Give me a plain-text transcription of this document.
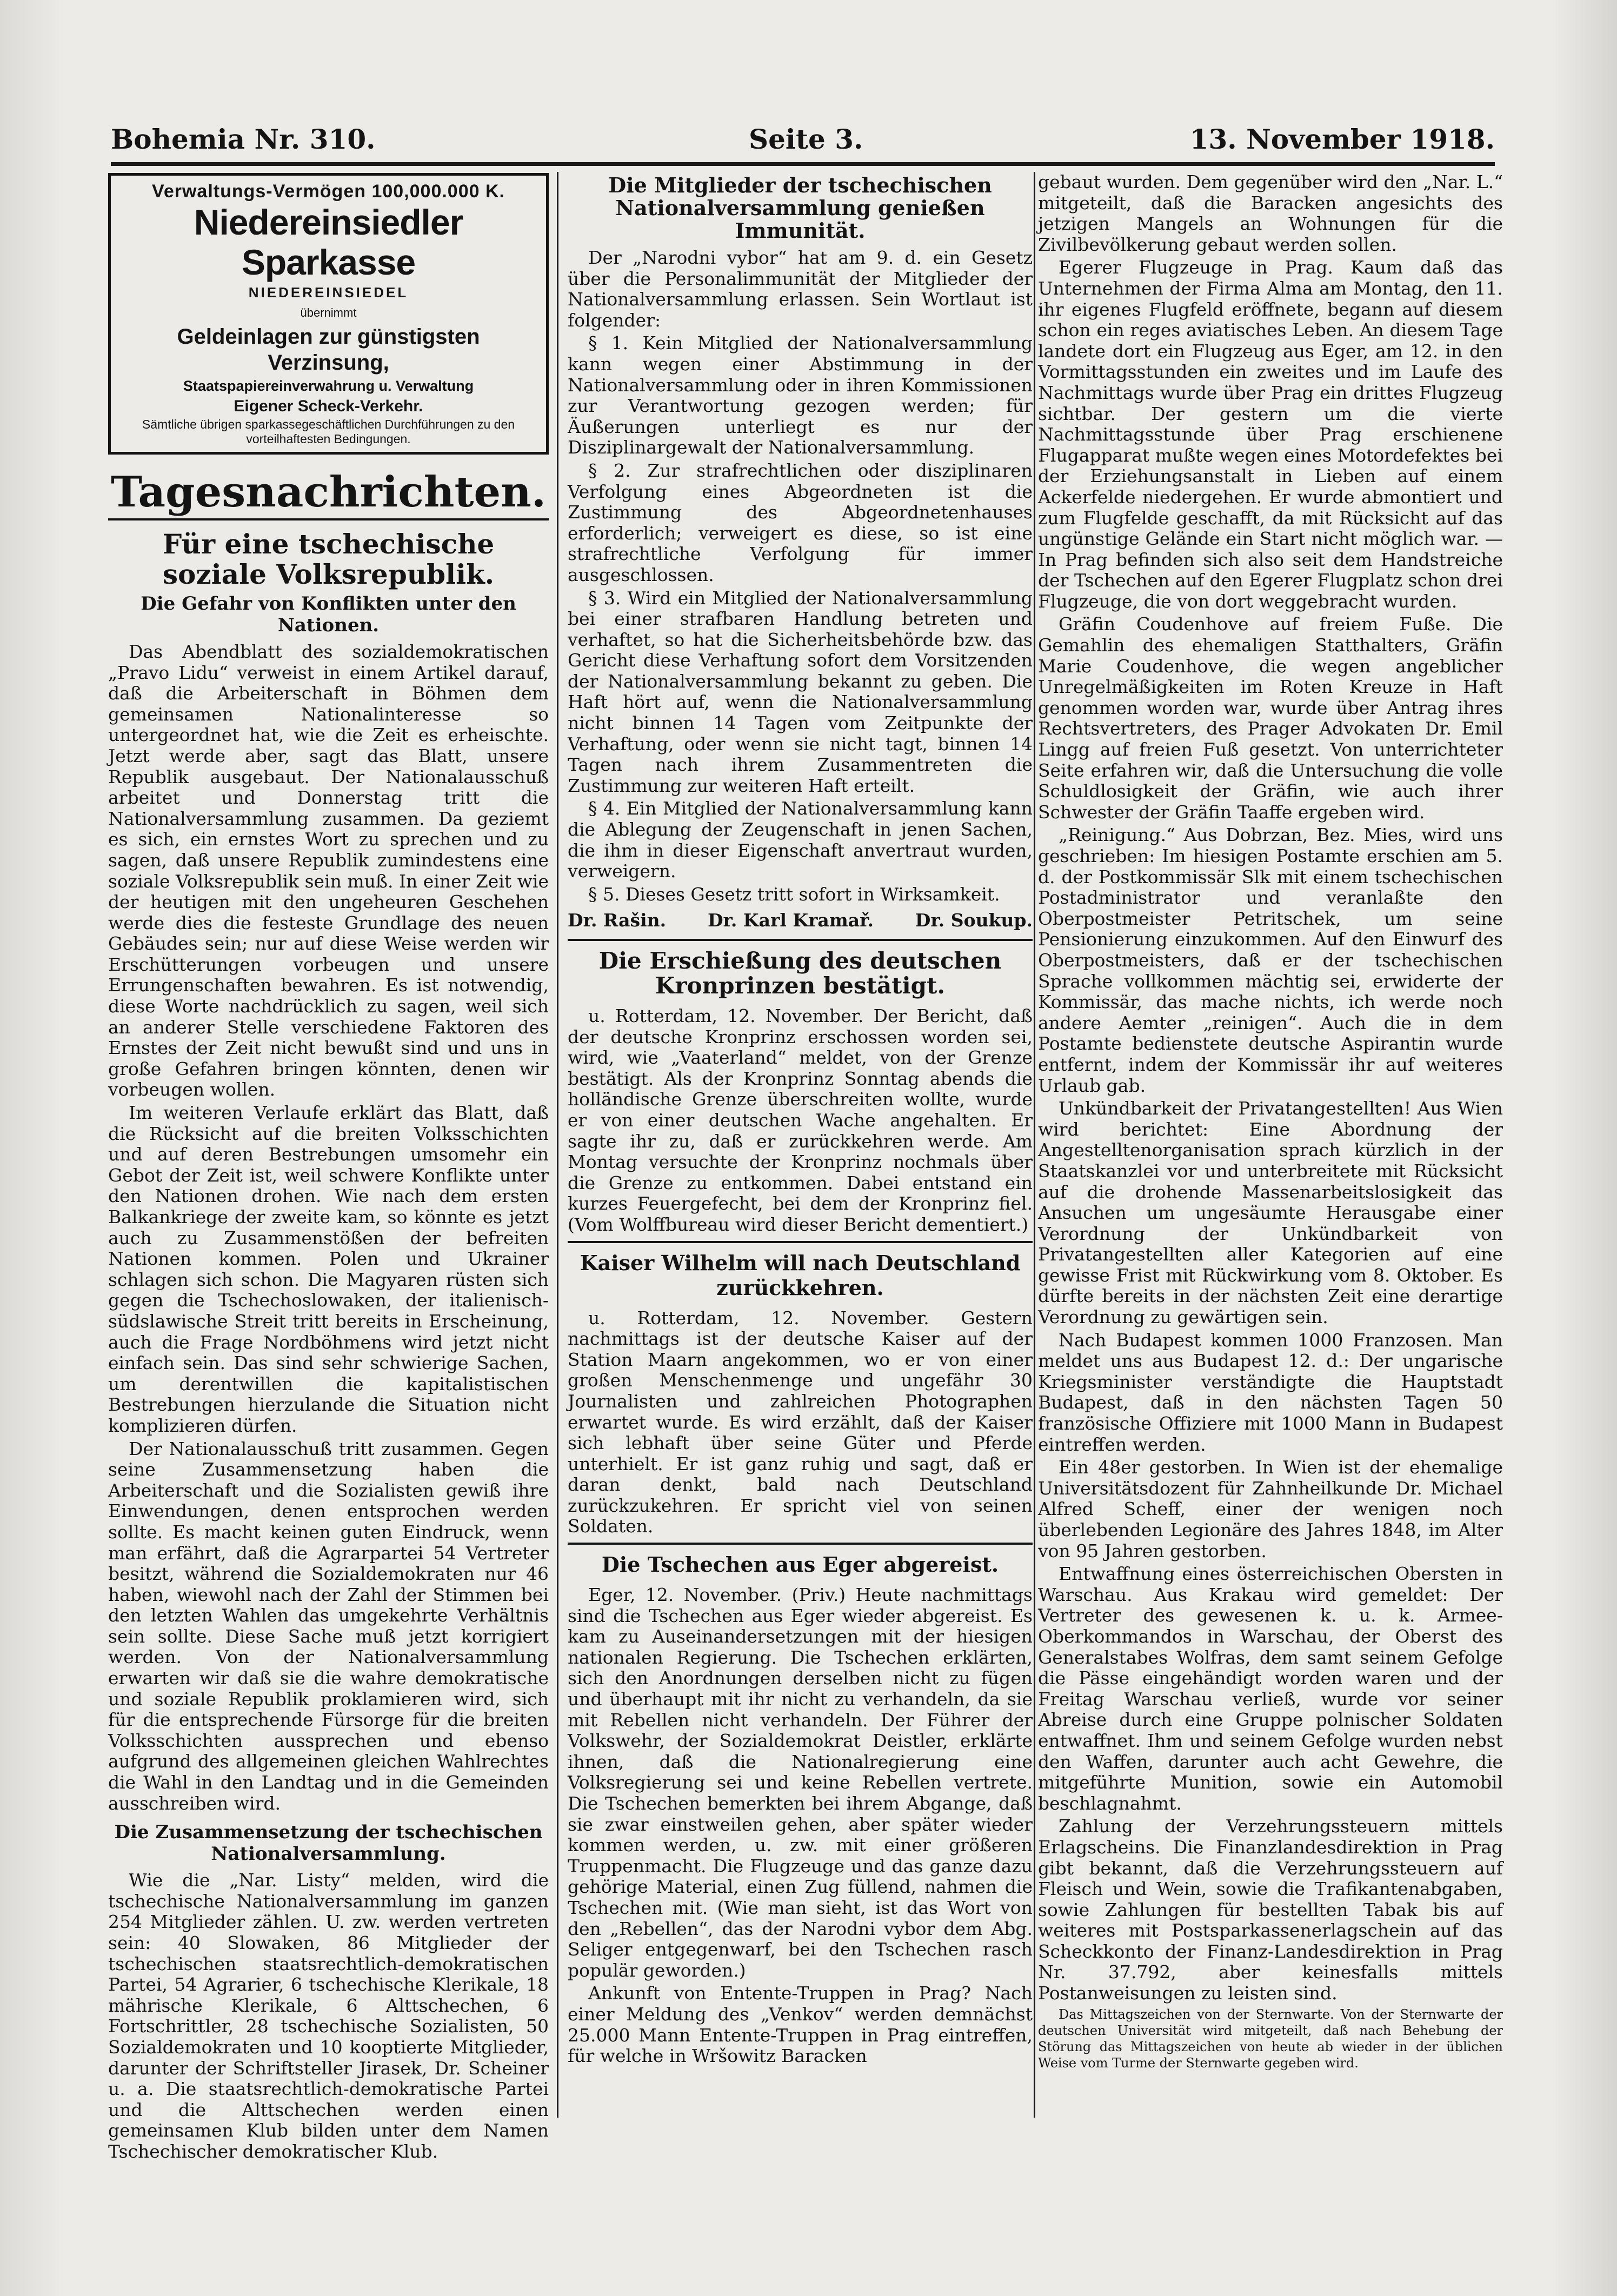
Bohemia Nr. 310.	Seite 3.	13. November 1918.
Verwaltungs-Vermögen 100,000.000 K.
Niedereinsiedler Sparkasse
NIEDEREINSIEDEL
übernimmt
Geldeinlagen zur günstigsten Verzinsung,
Staatspapiereinverwahrung u. Verwaltung
Eigener Scheck-Verkehr.
Sämtliche übrigen sparkassegeschäftlichen Durchführungen zu den vorteilhaftesten Bedingungen.
Tagesnachrichten.
Für eine tschechische soziale Volksrepublik.
Die Gefahr von Konflikten unter den Nationen.

Das Abendblatt des sozialdemokratischen „Pravo Lidu“ verweist in einem Artikel darauf, daß die Arbeiterschaft in Böhmen dem gemeinsamen Nationalinteresse so untergeordnet hat, wie die Zeit es erheischte. Jetzt werde aber, sagt das Blatt, unsere Republik ausgebaut. Der Nationalausschuß arbeitet und Donnerstag tritt die Nationalversammlung zusammen. Da geziemt es sich, ein ernstes Wort zu sprechen und zu sagen, daß unsere Republik zumindestens eine soziale Volksrepublik sein muß. In einer Zeit wie der heutigen mit den ungeheuren Geschehen werde dies die festeste Grundlage des neuen Gebäudes sein; nur auf diese Weise werden wir Erschütterungen vorbeugen und unsere Errungenschaften bewahren. Es ist notwendig, diese Worte nachdrücklich zu sagen, weil sich an anderer Stelle verschiedene Faktoren des Ernstes der Zeit nicht bewußt sind und uns in große Gefahren bringen könnten, denen wir vorbeugen wollen.

Im weiteren Verlaufe erklärt das Blatt, daß die Rücksicht auf die breiten Volksschichten und auf deren Bestrebungen umsomehr ein Gebot der Zeit ist, weil schwere Konflikte unter den Nationen drohen. Wie nach dem ersten Balkankriege der zweite kam, so könnte es jetzt auch zu Zusammenstößen der befreiten Nationen kommen. Polen und Ukrainer schlagen sich schon. Die Magyaren rüsten sich gegen die Tschechoslowaken, der italienisch-südslawische Streit tritt bereits in Erscheinung, auch die Frage Nordböhmens wird jetzt nicht einfach sein. Das sind sehr schwierige Sachen, um derentwillen die kapitalistischen Bestrebungen hierzulande die Situation nicht komplizieren dürfen.

Der Nationalausschuß tritt zusammen. Gegen seine Zusammensetzung haben die Arbeiterschaft und die Sozialisten gewiß ihre Einwendungen, denen entsprochen werden sollte. Es macht keinen guten Eindruck, wenn man erfährt, daß die Agrarpartei 54 Vertreter besitzt, während die Sozialdemokraten nur 46 haben, wiewohl nach der Zahl der Stimmen bei den letzten Wahlen das umgekehrte Verhältnis sein sollte. Diese Sache muß jetzt korrigiert werden. Von der Nationalversammlung erwarten wir daß sie die wahre demokratische und soziale Republik proklamieren wird, sich für die entsprechende Fürsorge für die breiten Volksschichten aussprechen und ebenso aufgrund des allgemeinen gleichen Wahlrechtes die Wahl in den Landtag und in die Gemeinden ausschreiben wird.

Die Zusammensetzung der tschechischen Nationalversammlung.

Wie die „Nar. Listy“ melden, wird die tschechische Nationalversammlung im ganzen 254 Mitglieder zählen. U. zw. werden vertreten sein: 40 Slowaken, 86 Mitglieder der tschechischen staatsrechtlich-demokratischen Partei, 54 Agrarier, 6 tschechische Klerikale, 18 mährische Klerikale, 6 Alttschechen, 6 Fortschrittler, 28 tschechische Sozialisten, 50 Sozialdemokraten und 10 kooptierte Mitglieder, darunter der Schriftsteller Jirasek, Dr. Scheiner u. a. Die staatsrechtlich-demokratische Partei und die Alttschechen werden einen gemeinsamen Klub bilden unter dem Namen Tschechischer demokratischer Klub.

Die Mitglieder der tschechischen Nationalversammlung genießen Immunität.

Der „Narodni vybor“ hat am 9. d. ein Gesetz über die Personalimmunität der Mitglieder der Nationalversammlung erlassen. Sein Wortlaut ist folgender:

§ 1. Kein Mitglied der Nationalversammlung kann wegen einer Abstimmung in der Nationalversammlung oder in ihren Kommissionen zur Verantwortung gezogen werden; für Äußerungen unterliegt es nur der Disziplinargewalt der Nationalversammlung.

§ 2. Zur strafrechtlichen oder disziplinaren Verfolgung eines Abgeordneten ist die Zustimmung des Abgeordnetenhauses erforderlich; verweigert es diese, so ist eine strafrechtliche Verfolgung für immer ausgeschlossen.

§ 3. Wird ein Mitglied der Nationalversammlung bei einer strafbaren Handlung betreten und verhaftet, so hat die Sicherheitsbehörde bzw. das Gericht diese Verhaftung sofort dem Vorsitzenden der Nationalversammlung bekannt zu geben. Die Haft hört auf, wenn die Nationalversammlung nicht binnen 14 Tagen vom Zeitpunkte der Verhaftung, oder wenn sie nicht tagt, binnen 14 Tagen nach ihrem Zusammentreten die Zustimmung zur weiteren Haft erteilt.

§ 4. Ein Mitglied der Nationalversammlung kann die Ablegung der Zeugenschaft in jenen Sachen, die ihm in dieser Eigenschaft anvertraut wurden, verweigern.

§ 5. Dieses Gesetz tritt sofort in Wirksamkeit.

Dr. Rašin. Dr. Karl Kramař. Dr. Soukup.
Die Erschießung des deutschen Kronprinzen bestätigt.

u. Rotterdam, 12. November. Der Bericht, daß der deutsche Kronprinz erschossen worden sei, wird, wie „Vaaterland“ meldet, von der Grenze bestätigt. Als der Kronprinz Sonntag abends die holländische Grenze überschreiten wollte, wurde er von einer deutschen Wache angehalten. Er sagte ihr zu, daß er zurückkehren werde. Am Montag versuchte der Kronprinz nochmals über die Grenze zu entkommen. Dabei entstand ein kurzes Feuergefecht, bei dem der Kronprinz fiel. (Vom Wolffbureau wird dieser Bericht dementiert.)

Kaiser Wilhelm will nach Deutschland zurückkehren.

u. Rotterdam, 12. November. Gestern nachmittags ist der deutsche Kaiser auf der Station Maarn angekommen, wo er von einer großen Menschenmenge und ungefähr 30 Journalisten und zahlreichen Photographen erwartet wurde. Es wird erzählt, daß der Kaiser sich lebhaft über seine Güter und Pferde unterhielt. Er ist ganz ruhig und sagt, daß er daran denkt, bald nach Deutschland zurückzukehren. Er spricht viel von seinen Soldaten.

Die Tschechen aus Eger abgereist.

Eger, 12. November. (Priv.) Heute nachmittags sind die Tschechen aus Eger wieder abgereist. Es kam zu Auseinandersetzungen mit der hiesigen nationalen Regierung. Die Tschechen erklärten, sich den Anordnungen derselben nicht zu fügen und überhaupt mit ihr nicht zu verhandeln, da sie mit Rebellen nicht verhandeln. Der Führer der Volkswehr, der Sozialdemokrat Deistler, erklärte ihnen, daß die Nationalregierung eine Volksregierung sei und keine Rebellen vertrete. Die Tschechen bemerkten bei ihrem Abgange, daß sie zwar einstweilen gehen, aber später wieder kommen werden, u. zw. mit einer größeren Truppenmacht. Die Flugzeuge und das ganze dazu gehörige Material, einen Zug füllend, nahmen die Tschechen mit. (Wie man sieht, ist das Wort von den „Rebellen“, das der Narodni vybor dem Abg. Seliger entgegenwarf, bei den Tschechen rasch populär geworden.)

Ankunft von Entente-Truppen in Prag? Nach einer Meldung des „Venkov“ werden demnächst 25.000 Mann Entente-Truppen in Prag eintreffen, für welche in Wršowitz Baracken

gebaut wurden. Dem gegenüber wird den „Nar. L.“ mitgeteilt, daß die Baracken angesichts des jetzigen Mangels an Wohnungen für die Zivilbevölkerung gebaut werden sollen.

Egerer Flugzeuge in Prag. Kaum daß das Unternehmen der Firma Alma am Montag, den 11. ihr eigenes Flugfeld eröffnete, begann auf diesem schon ein reges aviatisches Leben. An diesem Tage landete dort ein Flugzeug aus Eger, am 12. in den Vormittagsstunden ein zweites und im Laufe des Nachmittags wurde über Prag ein drittes Flugzeug sichtbar. Der gestern um die vierte Nachmittagsstunde über Prag erschienene Flugapparat mußte wegen eines Motordefektes bei der Erziehungsanstalt in Lieben auf einem Ackerfelde niedergehen. Er wurde abmontiert und zum Flugfelde geschafft, da mit Rücksicht auf das ungünstige Gelände ein Start nicht möglich war. — In Prag befinden sich also seit dem Handstreiche der Tschechen auf den Egerer Flugplatz schon drei Flugzeuge, die von dort weggebracht wurden.

Gräfin Coudenhove auf freiem Fuße. Die Gemahlin des ehemaligen Statthalters, Gräfin Marie Coudenhove, die wegen angeblicher Unregelmäßigkeiten im Roten Kreuze in Haft genommen worden war, wurde über Antrag ihres Rechtsvertreters, des Prager Advokaten Dr. Emil Lingg auf freien Fuß gesetzt. Von unterrichteter Seite erfahren wir, daß die Untersuchung die volle Schuldlosigkeit der Gräfin, wie auch ihrer Schwester der Gräfin Taaffe ergeben wird.

„Reinigung.“ Aus Dobrzan, Bez. Mies, wird uns geschrieben: Im hiesigen Postamte erschien am 5. d. der Postkommissär Slk mit einem tschechischen Postadministrator und veranlaßte den Oberpostmeister Petritschek, um seine Pensionierung einzukommen. Auf den Einwurf des Oberpostmeisters, daß er der tschechischen Sprache vollkommen mächtig sei, erwiderte der Kommissär, das mache nichts, ich werde noch andere Aemter „reinigen“. Auch die in dem Postamte bedienstete deutsche Aspirantin wurde entfernt, indem der Kommissär ihr auf weiteres Urlaub gab.

Unkündbarkeit der Privatangestellten! Aus Wien wird berichtet: Eine Abordnung der Angestelltenorganisation sprach kürzlich in der Staatskanzlei vor und unterbreitete mit Rücksicht auf die drohende Massenarbeitslosigkeit das Ansuchen um ungesäumte Herausgabe einer Verordnung der Unkündbarkeit von Privatangestellten aller Kategorien auf eine gewisse Frist mit Rückwirkung vom 8. Oktober. Es dürfte bereits in der nächsten Zeit eine derartige Verordnung zu gewärtigen sein.

Nach Budapest kommen 1000 Franzosen. Man meldet uns aus Budapest 12. d.: Der ungarische Kriegsminister verständigte die Hauptstadt Budapest, daß in den nächsten Tagen 50 französische Offiziere mit 1000 Mann in Budapest eintreffen werden.

Ein 48er gestorben. In Wien ist der ehemalige Universitätsdozent für Zahnheilkunde Dr. Michael Alfred Scheff, einer der wenigen noch überlebenden Legionäre des Jahres 1848, im Alter von 95 Jahren gestorben.

Entwaffnung eines österreichischen Obersten in Warschau. Aus Krakau wird gemeldet: Der Vertreter des gewesenen k. u. k. Armee-Oberkommandos in Warschau, der Oberst des Generalstabes Wolfras, dem samt seinem Gefolge die Pässe eingehändigt worden waren und der Freitag Warschau verließ, wurde vor seiner Abreise durch eine Gruppe polnischer Soldaten entwaffnet. Ihm und seinem Gefolge wurden nebst den Waffen, darunter auch acht Gewehre, die mitgeführte Munition, sowie ein Automobil beschlagnahmt.

Zahlung der Verzehrungssteuern mittels Erlagscheins. Die Finanzlandesdirektion in Prag gibt bekannt, daß die Verzehrungssteuern auf Fleisch und Wein, sowie die Trafikantenabgaben, sowie Zahlungen für bestellten Tabak bis auf weiteres mit Postsparkassenerlagschein auf das Scheckkonto der Finanz-Landesdirektion in Prag Nr. 37.792, aber keinesfalls mittels Postanweisungen zu leisten sind.

Das Mittagszeichen von der Sternwarte. Von der Sternwarte der deutschen Universität wird mitgeteilt, daß nach Behebung der Störung das Mittagszeichen von heute ab wieder in der üblichen Weise vom Turme der Sternwarte gegeben wird.
